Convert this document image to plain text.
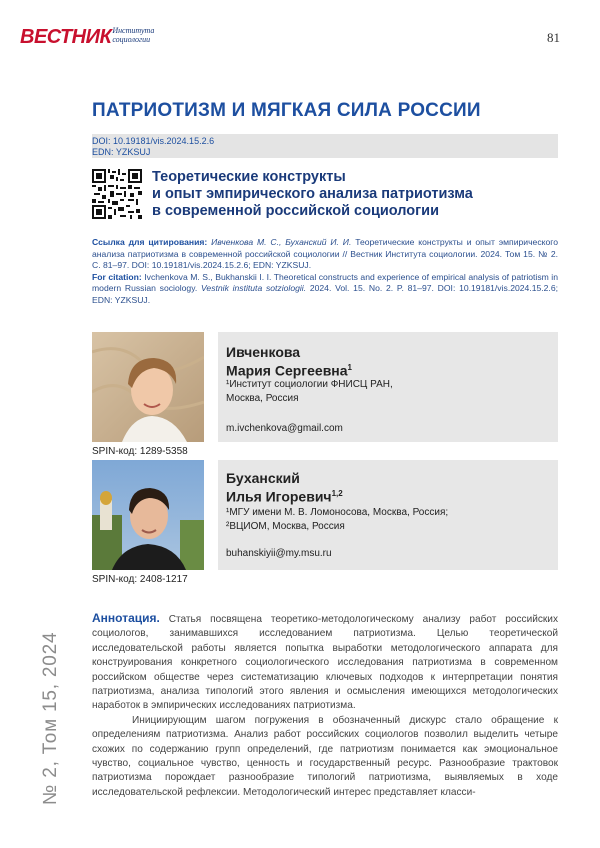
ВЕСТНИКИнститута
социологии	81
ПАТРИОТИЗМ И МЯГКАЯ СИЛА РОССИИ
DOI: 10.19181/vis.2024.15.2.6
EDN: YZKSUJ
Теоретические конструкты
и опыт эмпирического анализа патриотизма
в современной российской социологии
Ссылка для цитирования: Ивченкова М. С., Буханский И. И. Теоретические конструкты и опыт эмпирического анализа патриотизма в современной российской социологии // Вестник Института социологии. 2024. Том 15. № 2. С. 81–97. DOI: 10.19181/vis.2024.15.2.6; EDN: YZKSUJ.
For citation: Ivchenkova M. S., Bukhanskii I. I. Theoretical constructs and experience of empirical analysis of patriotism in modern Russian sociology. Vestnik instituta sotziologii. 2024. Vol. 15. No. 2. P. 81–97. DOI: 10.19181/vis.2024.15.2.6; EDN: YZKSUJ.
SPIN-код: 1289-5358
Ивченкова
Мария Сергеевна$^1$
¹Институт социологии ФНИСЦ РАН,
Москва, Россия
m.ivchenkova@gmail.com
SPIN-код: 2408-1217
Буханский
Илья Игоревич$^{1,2}$
¹МГУ имени М. В. Ломоносова, Москва, Россия;
²ВЦИОМ, Москва, Россия
buhanskiyii@my.msu.ru

Аннотация. Статья посвящена теоретико-методологическому анализу работ российских социологов, занимавшихся исследованием патриотизма. Целью теоретической исследовательской работы является попытка выработки методологического аппарата для конструирования конкретного социологического исследования патриотизма в современном российском обществе через систематизацию ключевых подходов к интерпретации понятия патриотизма, анализа типологий этого явления и осмысления имеющихся методологических наработок в эмпирических исследованиях патриотизма.

Инициирующим шагом погружения в обозначенный дискурс стало обращение к определениям патриотизма. Анализ работ российских социологов позволил выделить четыре схожих по содержанию групп определений, где патриотизм понимается как эмоциональное чувство, социальное чувство, ценность и государственный ресурс. Разнообразие трактовок патриотизма порождает разнообразие типологий патриотизма, выявляемых в ходе исследовательской рефлексии. Методологический интерес представляет класси-

№ 2, Том 15, 2024
